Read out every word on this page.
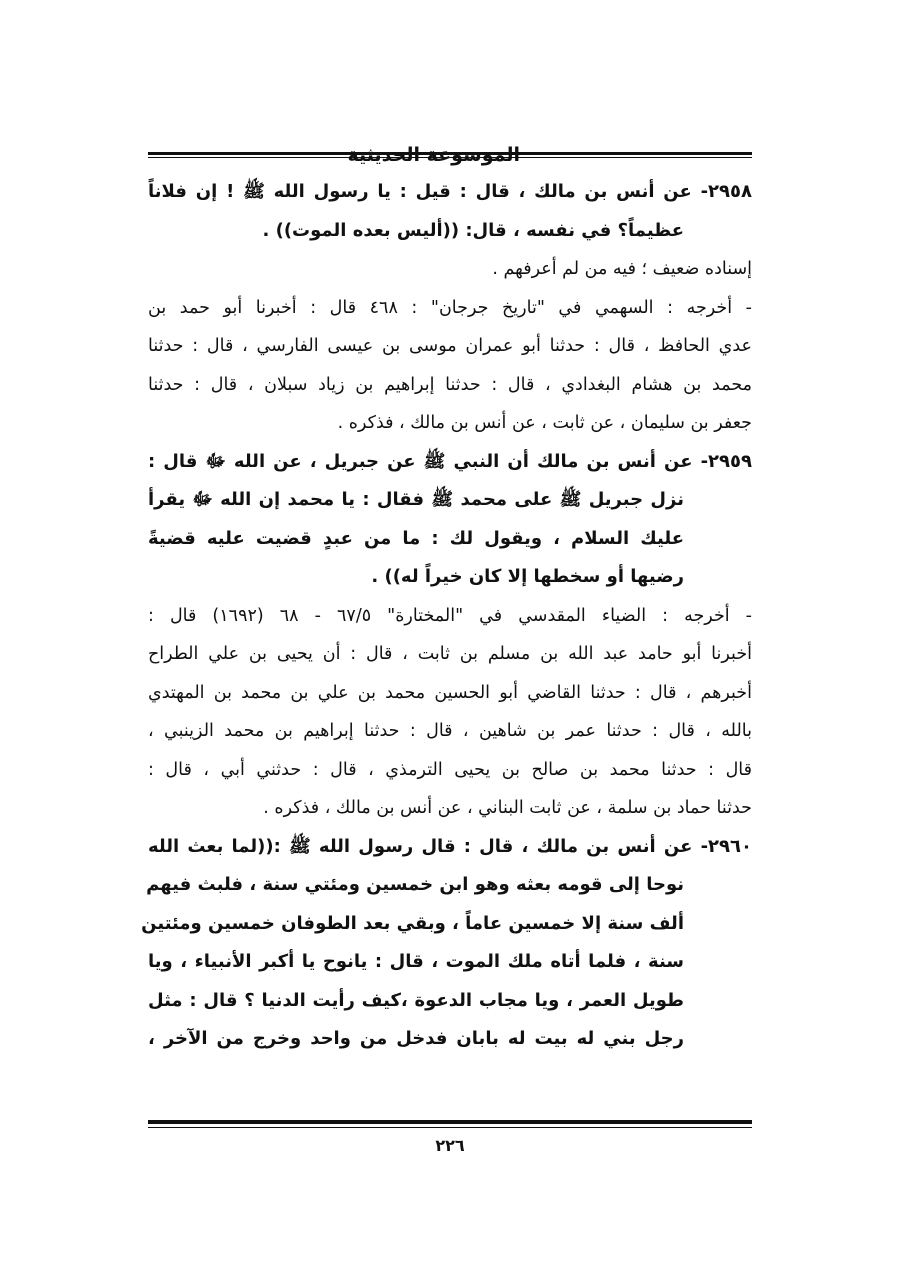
الموسوعة الحديثية
٢٩٥٨- عن أنس بن مالك ، قال : قيل : يا رسول الله ﷺ ! إن فلاناً
عظيماً؟ في نفسه ، قال: ((أليس بعده الموت)) .
إسناده ضعيف ؛ فيه من لم أعرفهم .
- أخرجه : السهمي في "تاريخ جرجان" : ٤٦٨ قال : أخبرنا أبو حمد بن
عدي الحافظ ، قال : حدثنا أبو عمران موسى بن عيسى الفارسي ، قال : حدثنا
محمد بن هشام البغدادي ، قال : حدثنا إبراهيم بن زياد سبلان ، قال : حدثنا
جعفر بن سليمان ، عن ثابت ، عن أنس بن مالك ، فذكره .
٢٩٥٩- عن أنس بن مالك أن النبي ﷺ عن جبريل ، عن الله ﷻ قال :
نزل جبريل ﷺ على محمد ﷺ فقال : يا محمد إن الله ﷻ يقرأ
عليك السلام ، ويقول لك : ما من عبدٍ قضيت عليه قضيةً
رضيها أو سخطها إلا كان خيراً له)) .
- أخرجه : الضياء المقدسي في "المختارة" ٦٧/٥ - ٦٨ (١٦٩٢) قال :
أخبرنا أبو حامد عبد الله بن مسلم بن ثابت ، قال : أن يحيى بن علي الطراح
أخبرهم ، قال : حدثنا القاضي أبو الحسين محمد بن علي بن محمد بن المهتدي
بالله ، قال : حدثنا عمر بن شاهين ، قال : حدثنا إبراهيم بن محمد الزينبي ،
قال : حدثنا محمد بن صالح بن يحيى الترمذي ، قال : حدثني أبي ، قال :
حدثنا حماد بن سلمة ، عن ثابت البناني ، عن أنس بن مالك ، فذكره .
٢٩٦٠- عن أنس بن مالك ، قال : قال رسول الله ﷺ :((لما بعث الله
نوحا إلى قومه بعثه وهو ابن خمسين ومئتي سنة ، فلبث فيهم
ألف سنة إلا خمسين عاماً ، وبقي بعد الطوفان خمسين ومئتين
سنة ، فلما أتاه ملك الموت ، قال : يانوح يا أكبر الأنبياء ، ويا
طويل العمر ، ويا مجاب الدعوة ،كيف رأيت الدنيا ؟ قال : مثل
رجل بني له بيت له بابان فدخل من واحد وخرج من الآخر ،
٢٢٦
